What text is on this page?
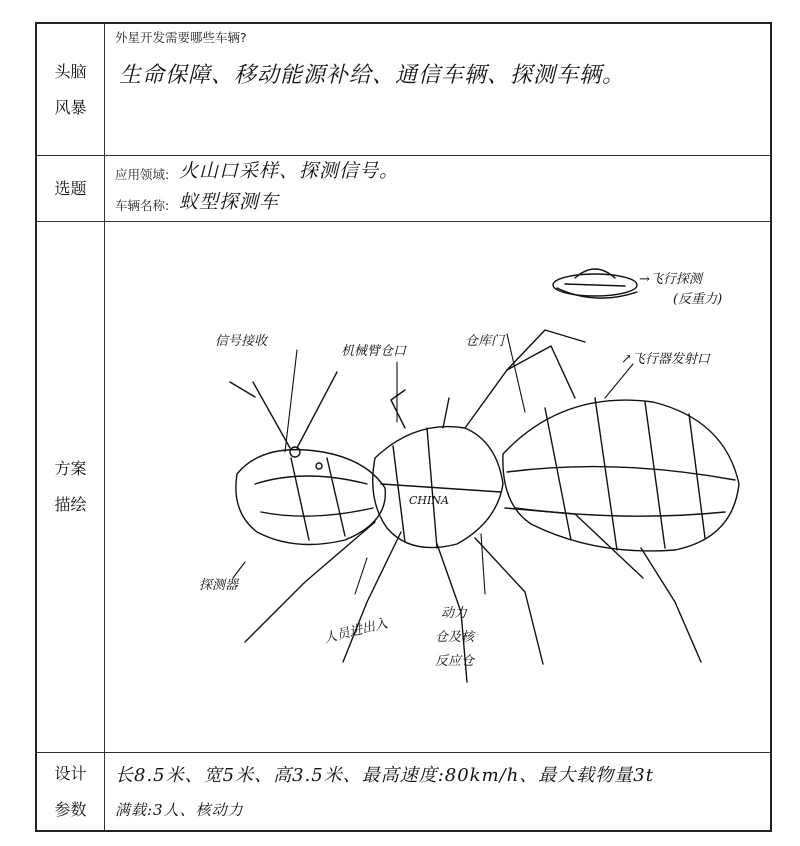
头脑
风暴
外星开发需要哪些车辆?
生命保障、移动能源补给、通信车辆、探测车辆。
选题
应用领域: 火山口采样、探测信号。
车辆名称: 蚁型探测车
方案
描绘
→飞行探测
(反重力)
信号接收
机械臂仓口
仓库门
↗飞行器发射口
CHINA
探测器
人员进出入
动力
仓及核
反应仓
设计
参数
长8.5米、宽5米、高3.5米、最高速度:80km/h、最大载物量3t
满载:3人、核动力
